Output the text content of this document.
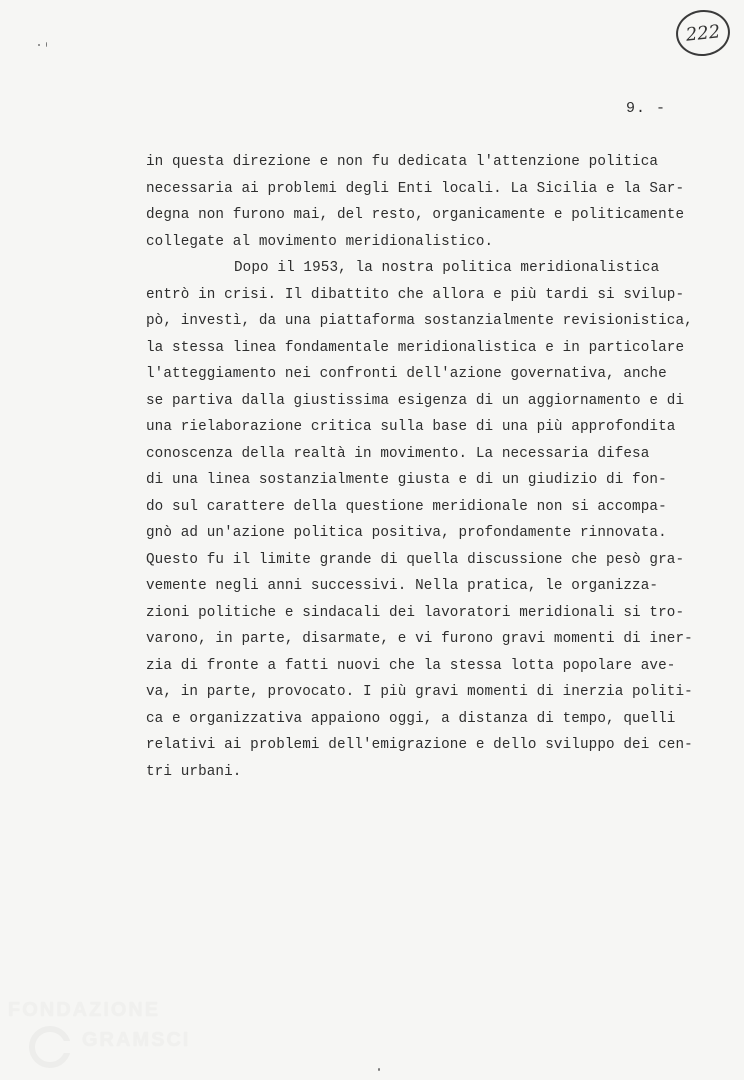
222
9. -
in questa direzione e non fu dedicata l'attenzione politica
necessaria ai problemi degli Enti locali. La Sicilia e la Sar-
degna non furono mai, del resto, organicamente e politicamente
collegate al movimento meridionalistico.
Dopo il 1953, la nostra politica meridionalistica
entrò in crisi. Il dibattito che allora e più tardi si svilup-
pò, investì, da una piattaforma sostanzialmente revisionistica,
la stessa linea fondamentale meridionalistica e in particolare
l'atteggiamento nei confronti dell'azione governativa, anche
se partiva dalla giustissima esigenza di un aggiornamento e di
una rielaborazione critica sulla base di una più approfondita
conoscenza della realtà in movimento. La necessaria difesa
di una linea sostanzialmente giusta e di un giudizio di fon-
do sul carattere della questione meridionale non si accompa-
gnò ad un'azione politica positiva, profondamente rinnovata.
Questo fu il limite grande di quella discussione che pesò gra-
vemente negli anni successivi. Nella pratica, le organizza-
zioni politiche e sindacali dei lavoratori meridionali si tro-
varono, in parte, disarmate, e vi furono gravi momenti di iner-
zia di fronte a fatti nuovi che la stessa lotta popolare ave-
va, in parte, provocato. I più gravi momenti di inerzia politi-
ca e organizzativa appaiono oggi, a distanza di tempo, quelli
relativi ai problemi dell'emigrazione e dello sviluppo dei cen-
tri urbani.
FONDAZIONE
GRAMSCI
